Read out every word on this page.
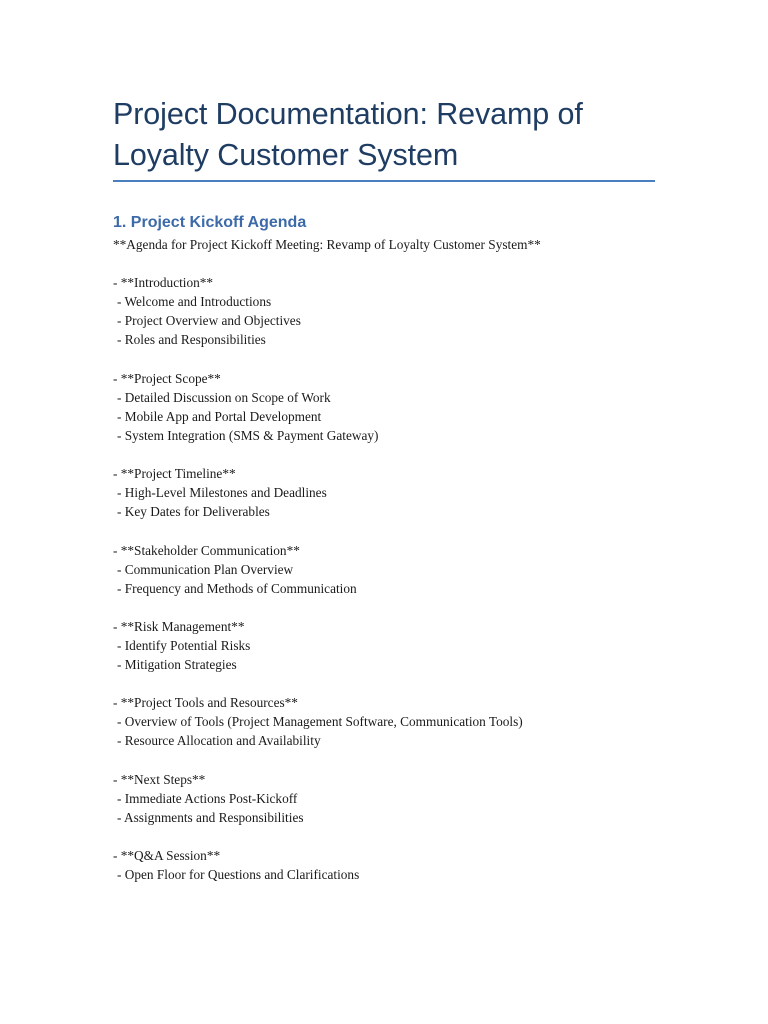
Project Documentation: Revamp of
Loyalty Customer System
1. Project Kickoff Agenda

**Agenda for Project Kickoff Meeting: Revamp of Loyalty Customer System**

- **Introduction**

- Welcome and Introductions

- Project Overview and Objectives

- Roles and Responsibilities

- **Project Scope**

- Detailed Discussion on Scope of Work

- Mobile App and Portal Development

- System Integration (SMS & Payment Gateway)

- **Project Timeline**

- High-Level Milestones and Deadlines

- Key Dates for Deliverables

- **Stakeholder Communication**

- Communication Plan Overview

- Frequency and Methods of Communication

- **Risk Management**

- Identify Potential Risks

- Mitigation Strategies

- **Project Tools and Resources**

- Overview of Tools (Project Management Software, Communication Tools)

- Resource Allocation and Availability

- **Next Steps**

- Immediate Actions Post-Kickoff

- Assignments and Responsibilities

- **Q&A Session**

- Open Floor for Questions and Clarifications
